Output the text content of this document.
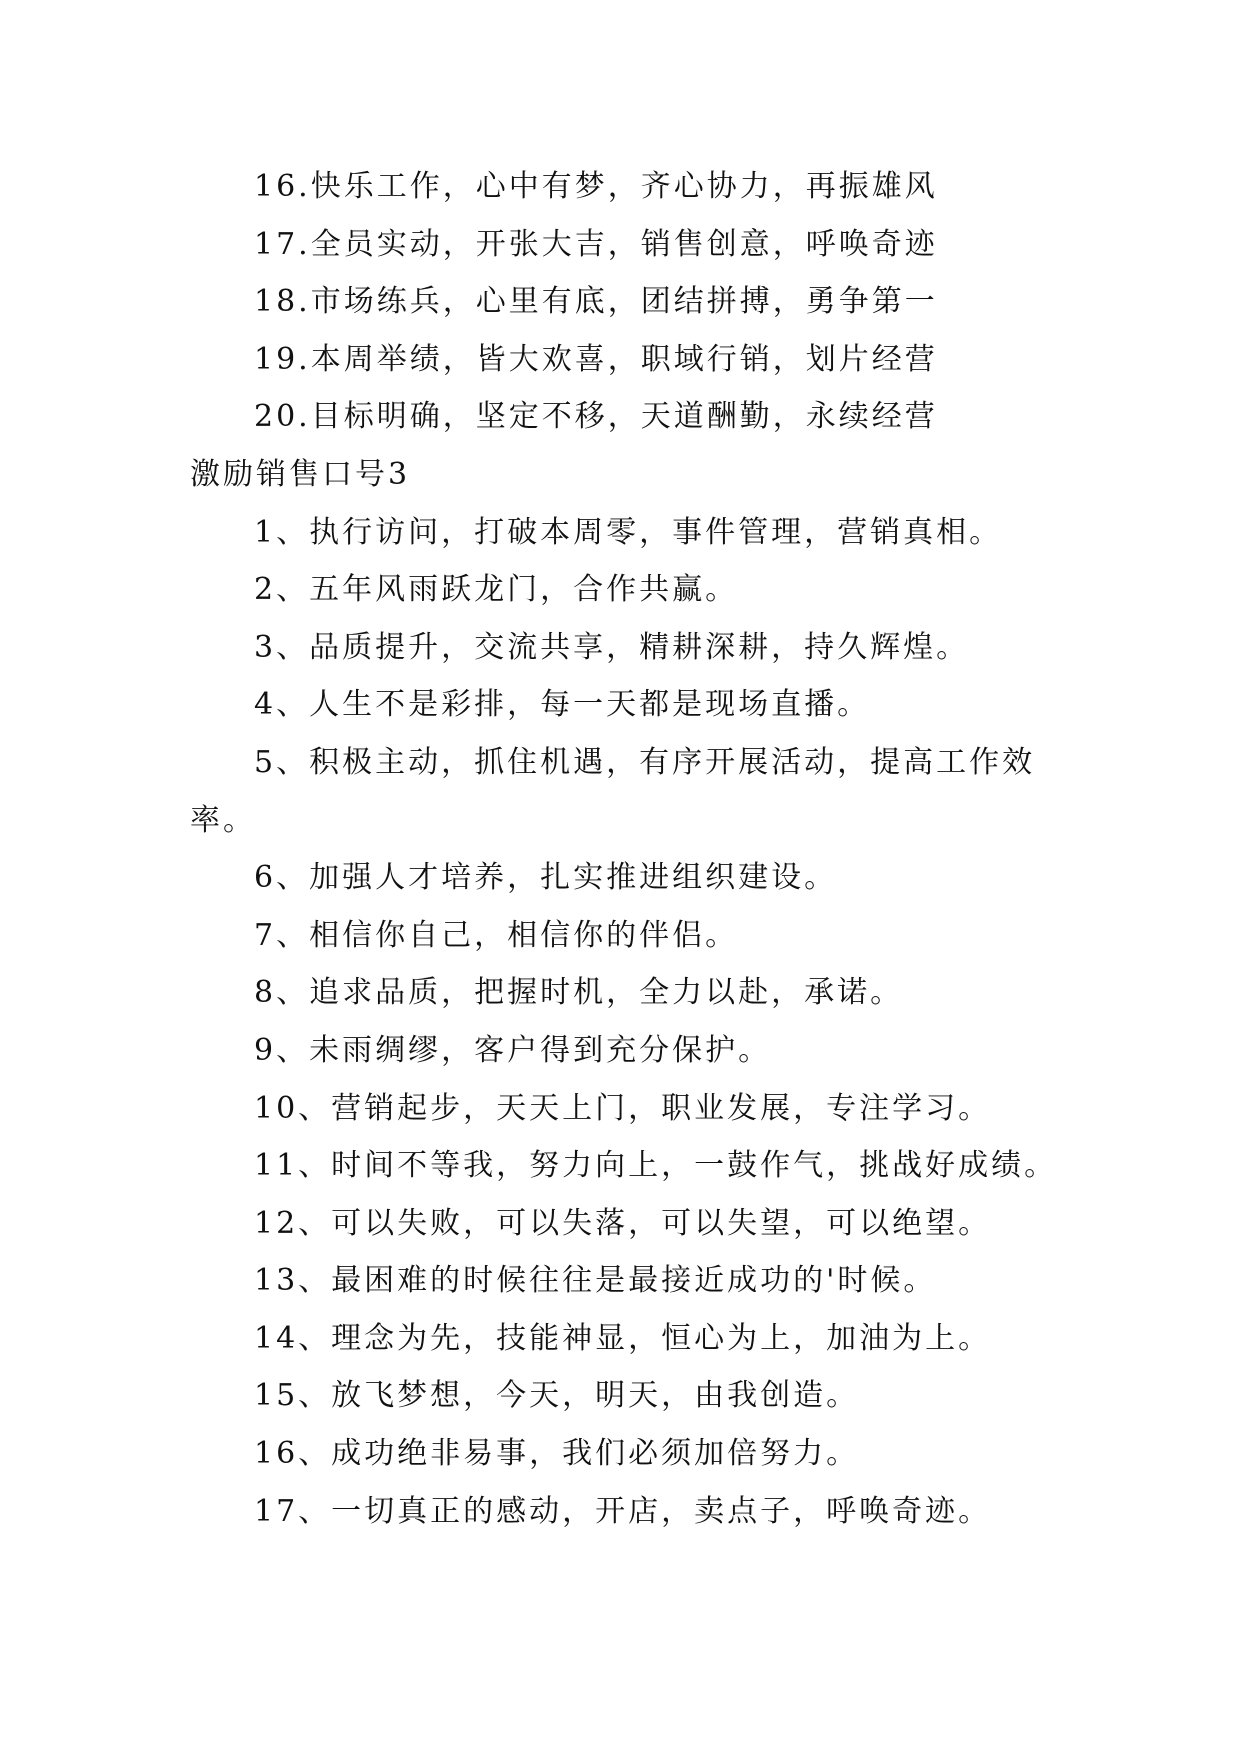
16.快乐工作，心中有梦，齐心协力，再振雄风

17.全员实动，开张大吉，销售创意，呼唤奇迹

18.市场练兵，心里有底，团结拼搏，勇争第一

19.本周举绩，皆大欢喜，职域行销，划片经营

20.目标明确，坚定不移，天道酬勤，永续经营

激励销售口号3

1、执行访问，打破本周零，事件管理，营销真相。

2、五年风雨跃龙门，合作共赢。

3、品质提升，交流共享，精耕深耕，持久辉煌。

4、人生不是彩排，每一天都是现场直播。

5、积极主动，抓住机遇，有序开展活动，提高工作效

率。

6、加强人才培养，扎实推进组织建设。

7、相信你自己，相信你的伴侣。

8、追求品质，把握时机，全力以赴，承诺。

9、未雨绸缪，客户得到充分保护。

10、营销起步，天天上门，职业发展，专注学习。

11、时间不等我，努力向上，一鼓作气，挑战好成绩。

12、可以失败，可以失落，可以失望，可以绝望。

13、最困难的时候往往是最接近成功的'时候。

14、理念为先，技能神显，恒心为上，加油为上。

15、放飞梦想，今天，明天，由我创造。

16、成功绝非易事，我们必须加倍努力。

17、一切真正的感动，开店，卖点子，呼唤奇迹。
